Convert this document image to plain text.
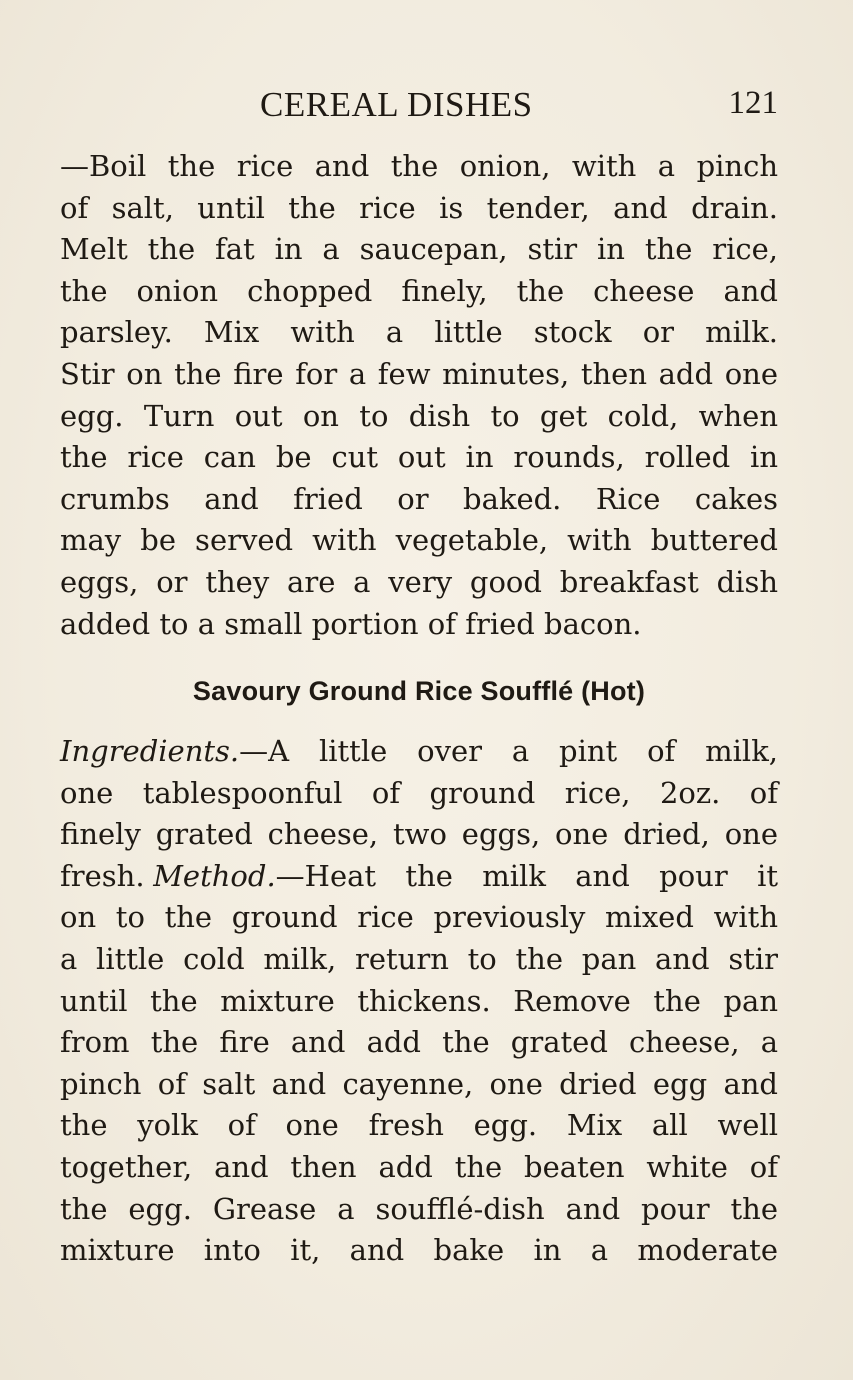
CEREAL DISHES	121
—Boil the rice and the onion, with a pinch
of salt, until the rice is tender, and drain.
Melt the fat in a saucepan, stir in the rice,
the onion chopped finely, the cheese and
parsley. Mix with a little stock or milk.
Stir on the fire for a few minutes, then add one
egg. Turn out on to dish to get cold, when
the rice can be cut out in rounds, rolled in
crumbs and fried or baked. Rice cakes
may be served with vegetable, with buttered
eggs, or they are a very good breakfast dish
added to a small portion of fried bacon.
Savoury Ground Rice Soufflé (Hot)
Ingredients.—A little over a pint of milk,
one tablespoonful of ground rice, 2oz. of
finely grated cheese, two eggs, one dried, one
fresh. Method.—Heat the milk and pour it
on to the ground rice previously mixed with
a little cold milk, return to the pan and stir
until the mixture thickens. Remove the pan
from the fire and add the grated cheese, a
pinch of salt and cayenne, one dried egg and
the yolk of one fresh egg. Mix all well
together, and then add the beaten white of
the egg. Grease a soufflé-dish and pour the
mixture into it, and bake in a moderate
